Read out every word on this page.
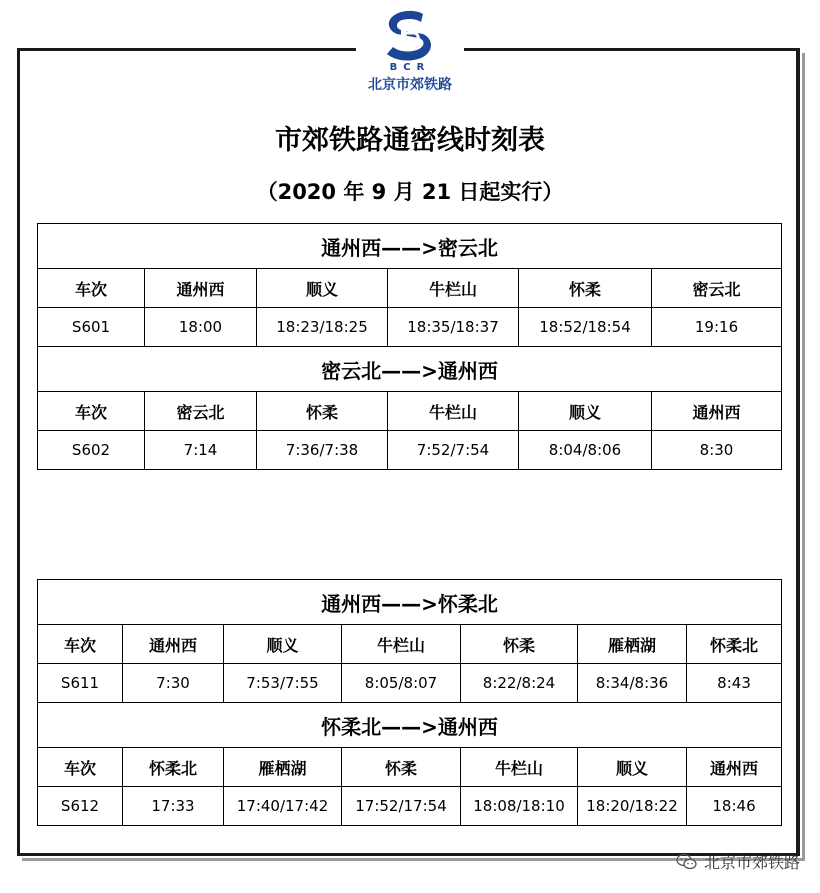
BCR
北京市郊铁路
市郊铁路通密线时刻表
（2020 年 9 月 21 日起实行）
通州西——>密云北					
车次	通州西	顺义	牛栏山	怀柔	密云北
S601	18:00	18:23/18:25	18:35/18:37	18:52/18:54	19:16
密云北——>通州西					
车次	密云北	怀柔	牛栏山	顺义	通州西
S602	7:14	7:36/7:38	7:52/7:54	8:04/8:06	8:30
通州西——>怀柔北						
车次	通州西	顺义	牛栏山	怀柔	雁栖湖	怀柔北
S611	7:30	7:53/7:55	8:05/8:07	8:22/8:24	8:34/8:36	8:43
怀柔北——>通州西						
车次	怀柔北	雁栖湖	怀柔	牛栏山	顺义	通州西
S612	17:33	17:40/17:42	17:52/17:54	18:08/18:10	18:20/18:22	18:46
北京市郊铁路
